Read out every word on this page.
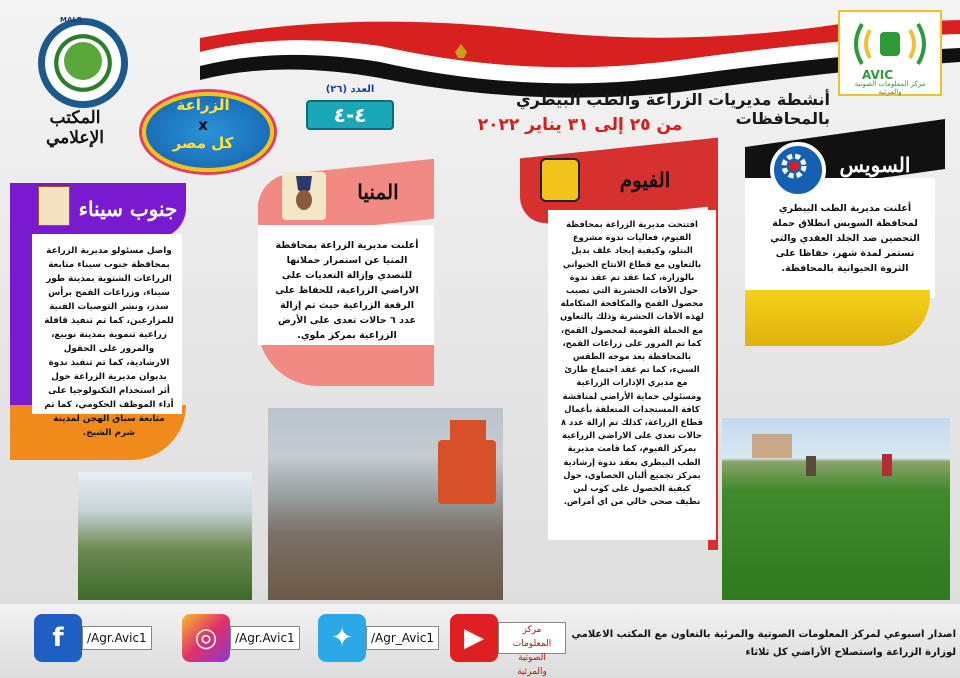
MALR
المكتب الإعلامي
AVIC
مركز المعلومات الصوتية والمرئية
أنشطة مديريات الزراعة والطب البيطري بالمحافظات
من ٢٥ إلى ٣١ يناير ٢٠٢٢
العدد (٢٦)
٤-٤
الزراعة
x
كل مصر
السويس
أعلنت مديرية الطب البيطري لمحافظة السويس انطلاق حملة التحصين ضد الجلد العقدي والتي تستمر لمدة شهر، حفاظا على الثروة الحيوانية بالمحافظة.
الفيوم
افتتحت مديرية الزراعة بمحافظة الفيوم، فعاليات ندوة مشروع البتلو، وكيفية إيجاد علف بديل بالتعاون مع قطاع الانتاج الحيواني بالوزارة، كما عقد تم عقد ندوة حول الآفات الحشرية التي تصيب محصول القمح والمكافحة المتكاملة لهذه الآفات الحشرية وذلك بالتعاون مع الحملة القومية لمحصول القمح، كما تم المرور على زراعات القمح، بالمحافظة بعد موجه الطقس السيء، كما تم عقد اجتماع طارئ مع مديري الإدارات الزراعية ومسئولي حماية الأراضي لمناقشة كافة المستجدات المتعلقة بأعمال قطاع الزراعة، كذلك تم إزالة عدد ٨ حالات تعدي على الاراضي الزراعية بمركز الفيوم، كما قامت مديرية الطب البيطري بعقد ندوة إرشادية بمركز تجميع ألبان الحصاوي، حول كيفية الحصول على كوب لبن نظيف صحي خالي من اي أمراض.
المنيا
أعلنت مديرية الزراعة بمحافظة المنيا عن استمرار حملاتها للتصدي وإزالة التعديات على الاراضي الزراعية، للحفاظ على الرقعة الزراعية حيث تم إزالة عدد ٦ حالات تعدى على الأرض الزراعية بمركز ملوي.
جنوب سيناء
واصل مسئولو مديرية الزراعة بمحافظة جنوب سيناء متابعة الزراعات الشتوية بمدينة طور سيناء، وزراعات القمح برأس سدر، ونشر التوصيات الفنية للمزارعين، كما تم تنفيذ قافلة زراعية تنموية بمدينة نويبع، والمرور على الحقول الارشادية، كما تم تنفيذ ندوة بديوان مديرية الزراعة حول أثر استخدام التكنولوجيا على أداء الموظف الحكومي، كما تم متابعة سباق الهجن لمدينة شرم الشيخ.
f	/Agr.Avic1	◎	/Agr.Avic1	✦	/Agr_Avic1	▶	مركز المعلومات الصوتية والمرئية
اصدار اسبوعي لمركز المعلومات الصوتية والمرئية بالتعاون مع المكتب الاعلامي لوزارة الزراعة واستصلاح الأراضي كل ثلاثاء
